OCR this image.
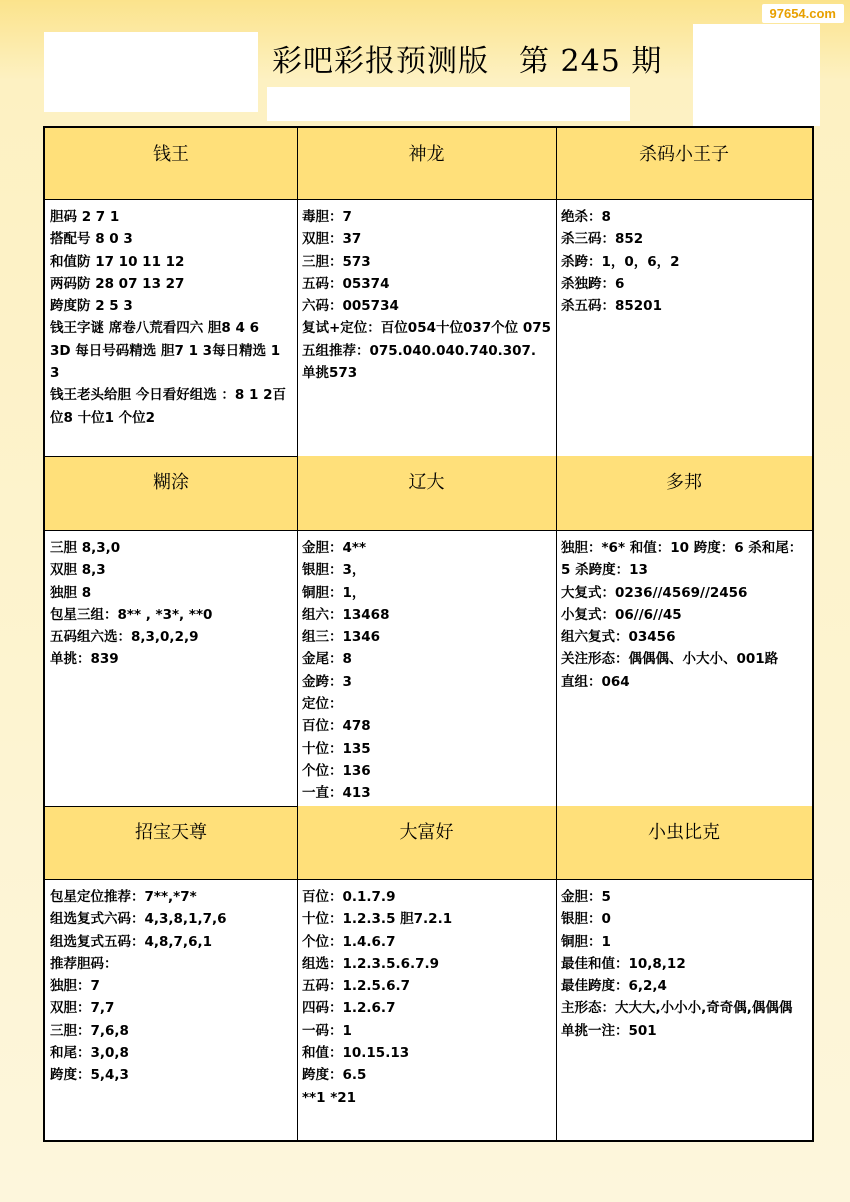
97654.com
彩吧彩报预测版 第 245 期
钱王
胆码 2 7 1
搭配号 8 0 3
和值防 17 10 11 12
两码防 28 07 13 27
跨度防 2 5 3
钱王字谜 席卷八荒看四六 胆8 4 6
3D 每日号码精选 胆7 1 3每日精选 1 3
钱王老头给胆 今日看好组选 ：8 1 2百位8 十位1 个位2
神龙
毒胆：7
双胆：37
三胆：573
五码：05374
六码：005734
复试+定位：百位054十位037个位 075
五组推荐：075.040.040.740.307.
单挑573
杀码小王子
绝杀：8
杀三码：852
杀跨：1，0，6，2
杀独跨：6
杀五码：85201
糊涂
三胆 8,3,0
双胆 8,3
独胆 8
包星三组：8** , *3*, **0
五码组六选：8,3,0,2,9
单挑：839
辽大
金胆：4**
银胆：3，
铜胆：1，
组六：13468
组三：1346
金尾：8
金跨：3
定位：
百位：478
十位：135
个位：136
一直：413
多邦
独胆：*6* 和值：10 跨度：6 杀和尾：5 杀跨度：13
大复式：0236//4569//2456
小复式：06//6//45
组六复式：03456
关注形态：偶偶偶、小大小、001路
直组：064
招宝天尊
包星定位推荐：7**,*7*
组选复式六码：4,3,8,1,7,6
组选复式五码：4,8,7,6,1
推荐胆码：
独胆：7
双胆：7,7
三胆：7,6,8
和尾：3,0,8
跨度：5,4,3
大富好
百位：0.1.7.9
十位：1.2.3.5 胆7.2.1
个位：1.4.6.7
组选：1.2.3.5.6.7.9
五码：1.2.5.6.7
四码：1.2.6.7
一码：1
和值：10.15.13
跨度：6.5
**1 *21
小虫比克
金胆：5
银胆：0
铜胆：1
最佳和值：10,8,12
最佳跨度：6,2,4
主形态：大大大,小小小,奇奇偶,偶偶偶
单挑一注：501
